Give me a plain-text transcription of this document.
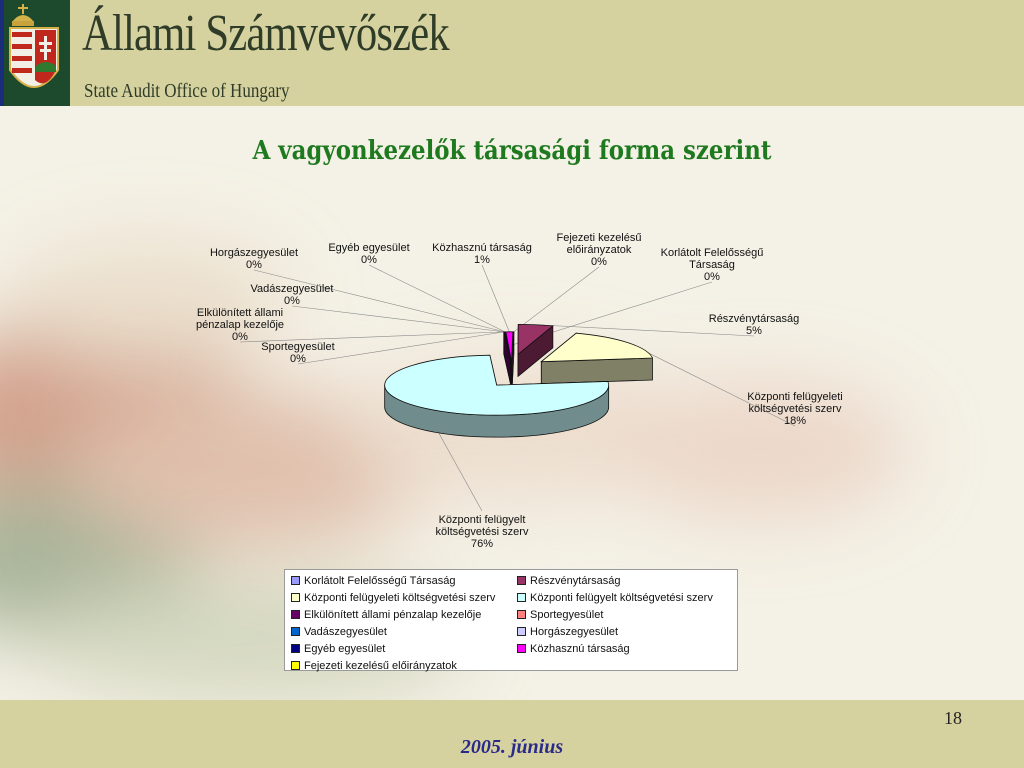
Állami Számvevőszék
State Audit Office of Hungary
A vagyonkezelők társasági forma szerint
Korlátolt Felelősségű Társaság 0%
Részvénytársaság 5%
Központi felügyeleti költségvetési szerv 18%
Központi felügyelt költségvetési szerv 76%
Elkülönített állami pénzalap kezelője 0%
Sportegyesület 0%
Vadászegyesület 0%
Horgászegyesület 0%
Egyéb egyesület 0%
Közhasznú társaság 1%
Fejezeti kezelésű előirányzatok 0%
Korlátolt Felelősségű Társaság	Részvénytársaság
Központi felügyeleti költségvetési szerv	Központi felügyelt költségvetési szerv
Elkülönített állami pénzalap kezelője	Sportegyesület
Vadászegyesület	Horgászegyesület
Egyéb egyesület	Közhasznú társaság
Fejezeti kezelésű előirányzatok
18
2005. június
